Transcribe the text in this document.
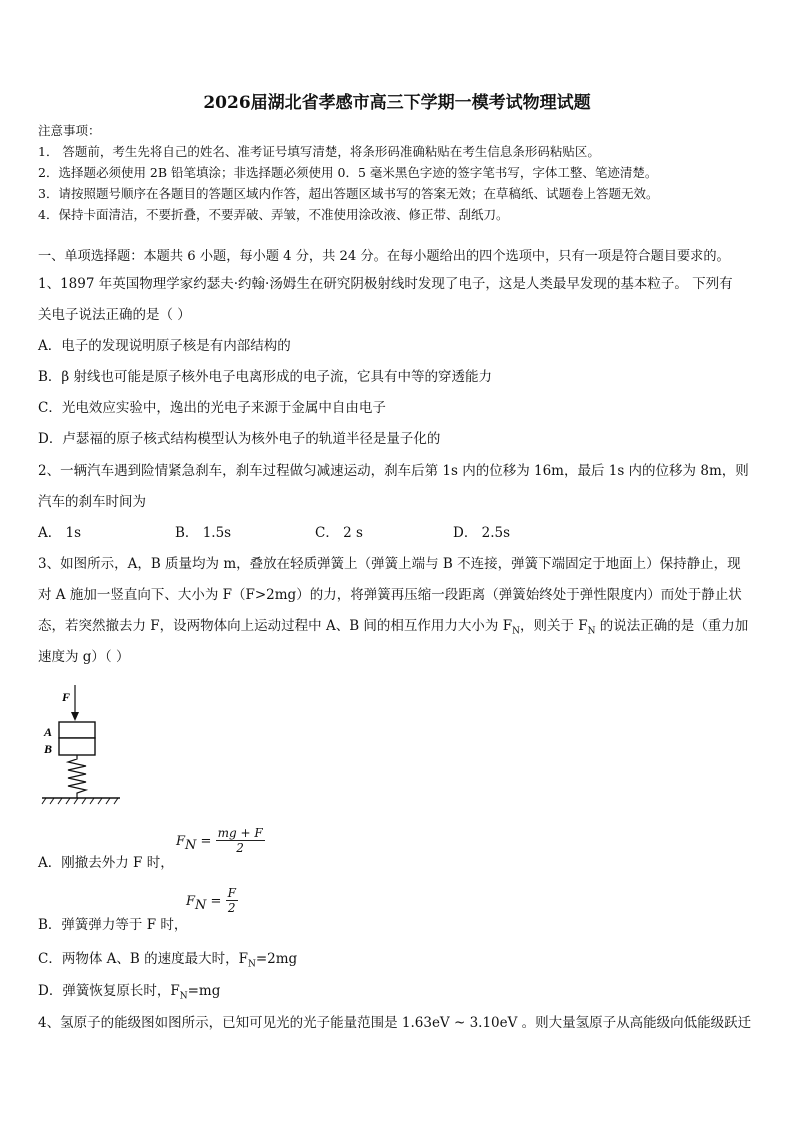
2026届湖北省孝感市高三下学期一模考试物理试题
注意事项：
1． 答题前，考生先将自己的姓名、准考证号填写清楚，将条形码准确粘贴在考生信息条形码粘贴区。
2．选择题必须使用 2B 铅笔填涂；非选择题必须使用 0．5 毫米黑色字迹的签字笔书写，字体工整、笔迹清楚。
3．请按照题号顺序在各题目的答题区域内作答，超出答题区域书写的答案无效；在草稿纸、试题卷上答题无效。
4．保持卡面清洁，不要折叠，不要弄破、弄皱，不准使用涂改液、修正带、刮纸刀。
一、单项选择题：本题共 6 小题，每小题 4 分，共 24 分。在每小题给出的四个选项中，只有一项是符合题目要求的。
1、1897 年英国物理学家约瑟夫·约翰·汤姆生在研究阴极射线时发现了电子，这是人类最早发现的基本粒子。 下列有
关电子说法正确的是（ ）
A．电子的发现说明原子核是有内部结构的
B．β 射线也可能是原子核外电子电离形成的电子流，它具有中等的穿透能力
C．光电效应实验中，逸出的光电子来源于金属中自由电子
D．卢瑟福的原子核式结构模型认为核外电子的轨道半径是量子化的
2、一辆汽车遇到险情紧急刹车，刹车过程做匀减速运动，刹车后第 1s 内的位移为 16m，最后 1s 内的位移为 8m，则
汽车的刹车时间为
A． 1s	B． 1.5s	C． 2 s	D． 2.5s
3、如图所示，A，B 质量均为 m，叠放在轻质弹簧上（弹簧上端与 B 不连接，弹簧下端固定于地面上）保持静止，现
对 A 施加一竖直向下、大小为 F（F>2mg）的力，将弹簧再压缩一段距离（弹簧始终处于弹性限度内）而处于静止状
态，若突然撤去力 F，设两物体向上运动过程中 A、B 间的相互作用力大小为 $F_N$，则关于 $F_N$ 的说法正确的是（重力加
速度为 g）（ ）
F
A
B
A．刚撤去外力 F 时，
$F_N = \frac{mg + F}{2}$
B．弹簧弹力等于 F 时，
$F_N = \frac{F}{2}$
C．两物体 A、B 的速度最大时，$F_N=2mg$
D．弹簧恢复原长时，$F_N=mg$
4、氢原子的能级图如图所示，已知可见光的光子能量范围是 1.63eV ~ 3.10eV 。则大量氢原子从高能级向低能级跃迁
